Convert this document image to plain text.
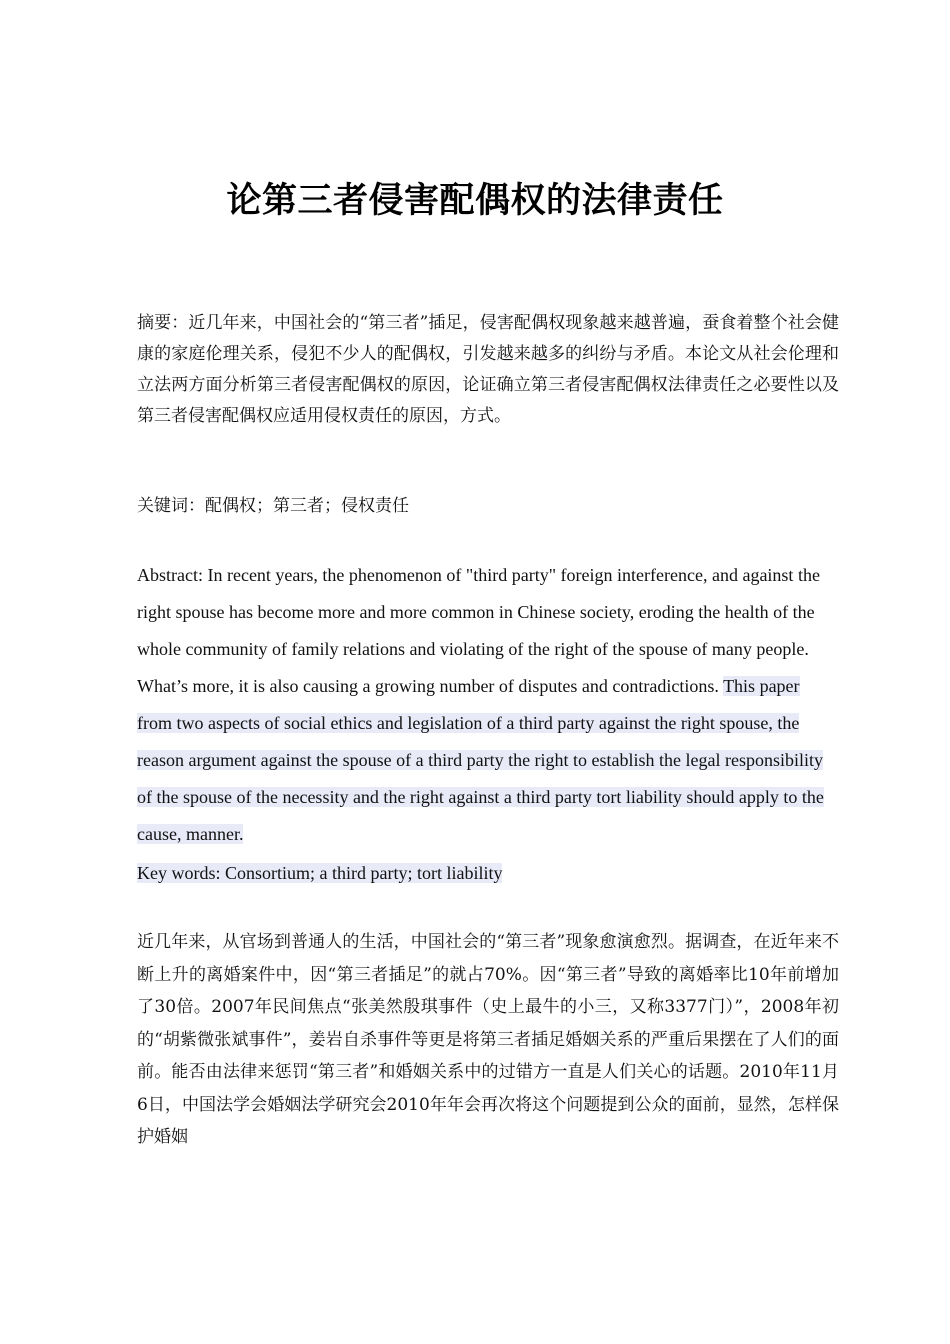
论第三者侵害配偶权的法律责任

摘要：近几年来，中国社会的“第三者”插足，侵害配偶权现象越来越普遍，蚕食着整个社会健康的家庭伦理关系，侵犯不少人的配偶权，引发越来越多的纠纷与矛盾。本论文从社会伦理和立法两方面分析第三者侵害配偶权的原因，论证确立第三者侵害配偶权法律责任之必要性以及第三者侵害配偶权应适用侵权责任的原因，方式。

关键词：配偶权；第三者；侵权责任

Abstract: In recent years, the phenomenon of "third party" foreign interference, and against the right spouse has become more and more common in Chinese society, eroding the health of the whole community of family relations and violating of the right of the spouse of many people. What’s more, it is also causing a growing number of disputes and contradictions. This paper from two aspects of social ethics and legislation of a third party against the right spouse, the reason argument against the spouse of a third party the right to establish the legal responsibility of the spouse of the necessity and the right against a third party tort liability should apply to the cause, manner.

Key words: Consortium; a third party; tort liability

近几年来，从官场到普通人的生活，中国社会的“第三者”现象愈演愈烈。据调查，在近年来不断上升的离婚案件中，因“第三者插足”的就占70%。因“第三者”导致的离婚率比10年前增加了30倍。2007年民间焦点“张美然殷琪事件（史上最牛的小三，又称3377门）”，2008年初的“胡紫微张斌事件”，姜岩自杀事件等更是将第三者插足婚姻关系的严重后果摆在了人们的面前。能否由法律来惩罚“第三者”和婚姻关系中的过错方一直是人们关心的话题。2010年11月6日，中国法学会婚姻法学研究会2010年年会再次将这个问题提到公众的面前，显然，怎样保护婚姻
